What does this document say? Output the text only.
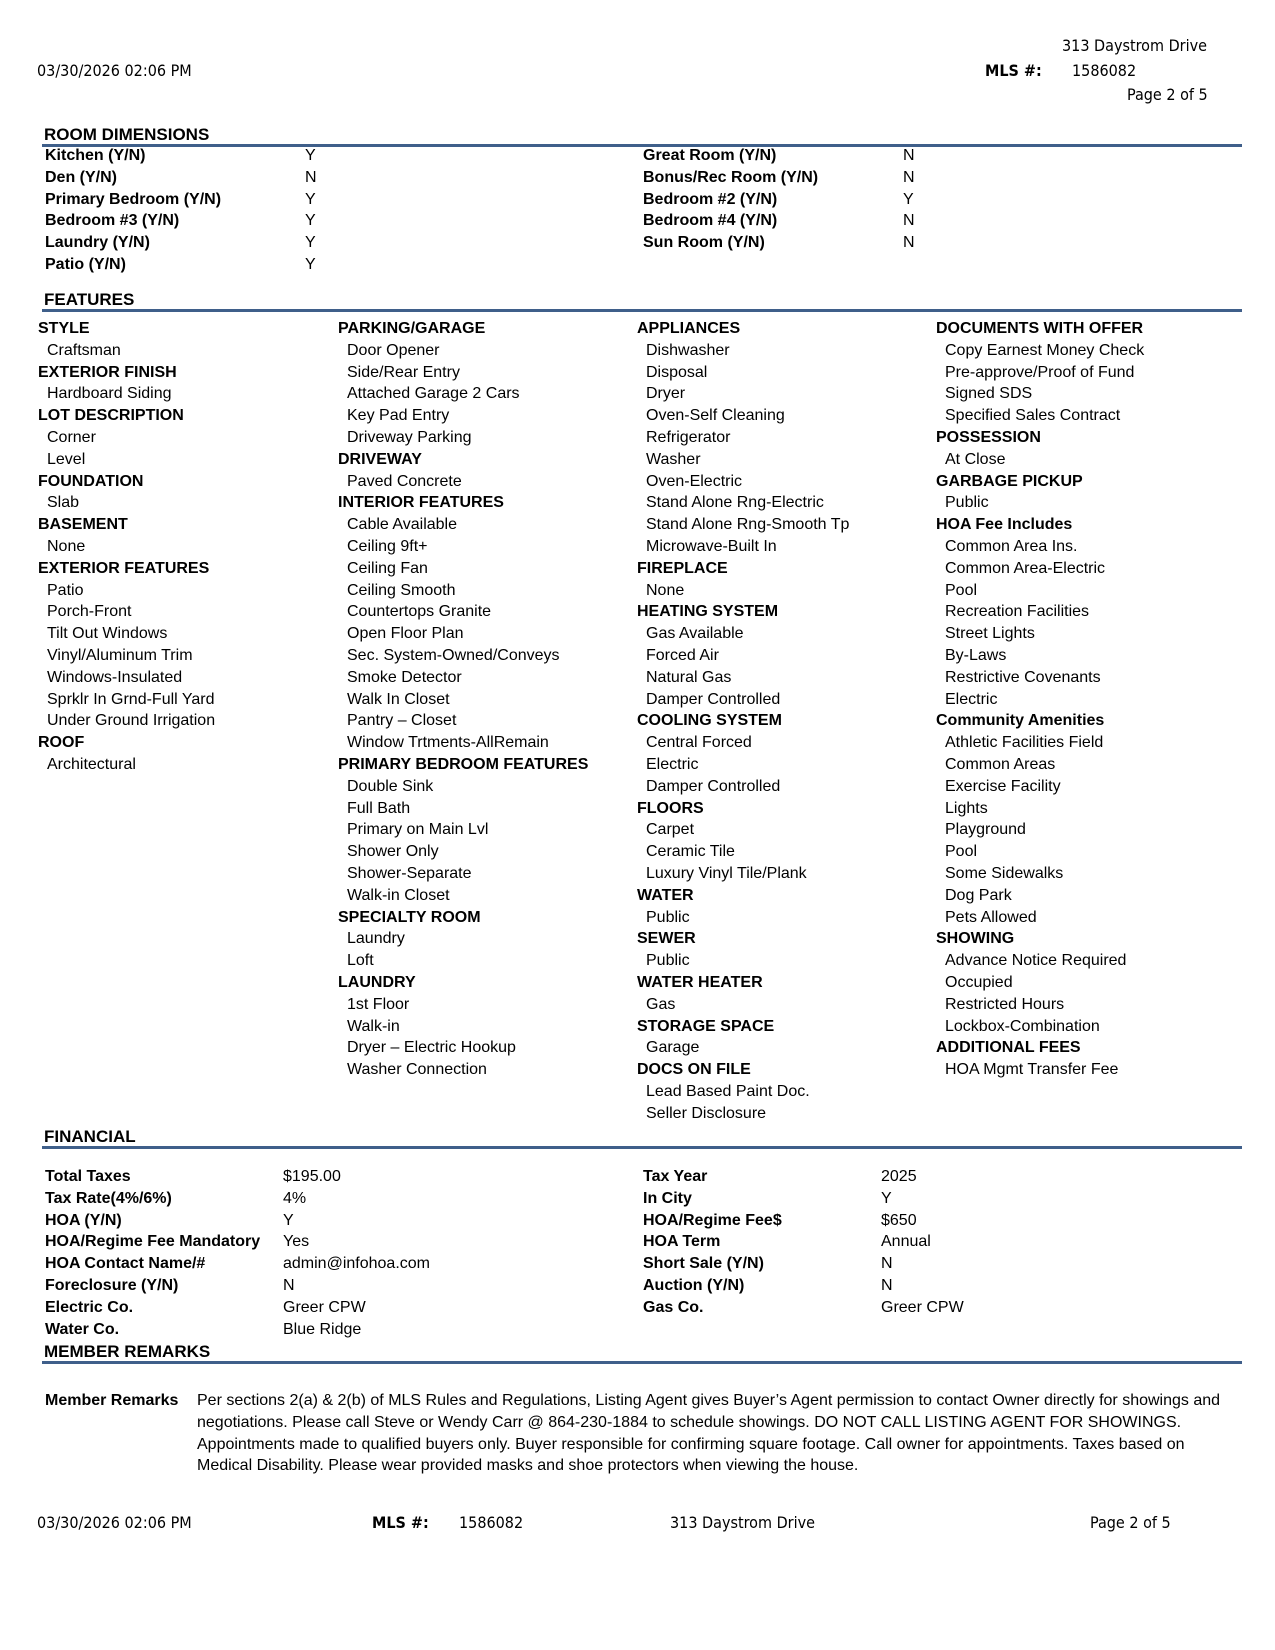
313 Daystrom Drive
03/30/2026 02:06 PM	MLS #: 1586082
Page 2 of 5
ROOM DIMENSIONS
Kitchen (Y/N)	Y
Den (Y/N)	N
Primary Bedroom (Y/N)	Y
Bedroom #3 (Y/N)	Y
Laundry (Y/N)	Y
Patio (Y/N)	Y
Great Room (Y/N)	N
Bonus/Rec Room (Y/N)	N
Bedroom #2 (Y/N)	Y
Bedroom #4 (Y/N)	N
Sun Room (Y/N)	N
FEATURES
STYLE
Craftsman
EXTERIOR FINISH
Hardboard Siding
LOT DESCRIPTION
Corner
Level
FOUNDATION
Slab
BASEMENT
None
EXTERIOR FEATURES
Patio
Porch-Front
Tilt Out Windows
Vinyl/Aluminum Trim
Windows-Insulated
Sprklr In Grnd-Full Yard
Under Ground Irrigation
ROOF
Architectural
PARKING/GARAGE
Door Opener
Side/Rear Entry
Attached Garage 2 Cars
Key Pad Entry
Driveway Parking
DRIVEWAY
Paved Concrete
INTERIOR FEATURES
Cable Available
Ceiling 9ft+
Ceiling Fan
Ceiling Smooth
Countertops Granite
Open Floor Plan
Sec. System-Owned/Conveys
Smoke Detector
Walk In Closet
Pantry – Closet
Window Trtments-AllRemain
PRIMARY BEDROOM FEATURES
Double Sink
Full Bath
Primary on Main Lvl
Shower Only
Shower-Separate
Walk-in Closet
SPECIALTY ROOM
Laundry
Loft
LAUNDRY
1st Floor
Walk-in
Dryer – Electric Hookup
Washer Connection
APPLIANCES
Dishwasher
Disposal
Dryer
Oven-Self Cleaning
Refrigerator
Washer
Oven-Electric
Stand Alone Rng-Electric
Stand Alone Rng-Smooth Tp
Microwave-Built In
FIREPLACE
None
HEATING SYSTEM
Gas Available
Forced Air
Natural Gas
Damper Controlled
COOLING SYSTEM
Central Forced
Electric
Damper Controlled
FLOORS
Carpet
Ceramic Tile
Luxury Vinyl Tile/Plank
WATER
Public
SEWER
Public
WATER HEATER
Gas
STORAGE SPACE
Garage
DOCS ON FILE
Lead Based Paint Doc.
Seller Disclosure
DOCUMENTS WITH OFFER
Copy Earnest Money Check
Pre-approve/Proof of Fund
Signed SDS
Specified Sales Contract
POSSESSION
At Close
GARBAGE PICKUP
Public
HOA Fee Includes
Common Area Ins.
Common Area-Electric
Pool
Recreation Facilities
Street Lights
By-Laws
Restrictive Covenants
Electric
Community Amenities
Athletic Facilities Field
Common Areas
Exercise Facility
Lights
Playground
Pool
Some Sidewalks
Dog Park
Pets Allowed
SHOWING
Advance Notice Required
Occupied
Restricted Hours
Lockbox-Combination
ADDITIONAL FEES
HOA Mgmt Transfer Fee
FINANCIAL
Total Taxes	$195.00
Tax Rate(4%/6%)	4%
HOA (Y/N)	Y
HOA/Regime Fee Mandatory Yes
HOA Contact Name/#	admin@infohoa.com
Foreclosure (Y/N)	N
Electric Co.	Greer CPW
Water Co.	Blue Ridge
Tax Year	2025
In City	Y
HOA/Regime Fee$	$650
HOA Term	Annual
Short Sale (Y/N)	N
Auction (Y/N)	N
Gas Co.	Greer CPW
MEMBER REMARKS
Member Remarks Per sections 2(a) & 2(b) of MLS Rules and Regulations, Listing Agent gives Buyer’s Agent permission to contact Owner directly for showings and negotiations. Please call Steve or Wendy Carr @ 864-230-1884 to schedule showings. DO NOT CALL LISTING AGENT FOR SHOWINGS. Appointments made to qualified buyers only. Buyer responsible for confirming square footage. Call owner for appointments. Taxes based on Medical Disability. Please wear provided masks and shoe protectors when viewing the house.
03/30/2026 02:06 PM	MLS #: 1586082	313 Daystrom Drive	Page 2 of 5
